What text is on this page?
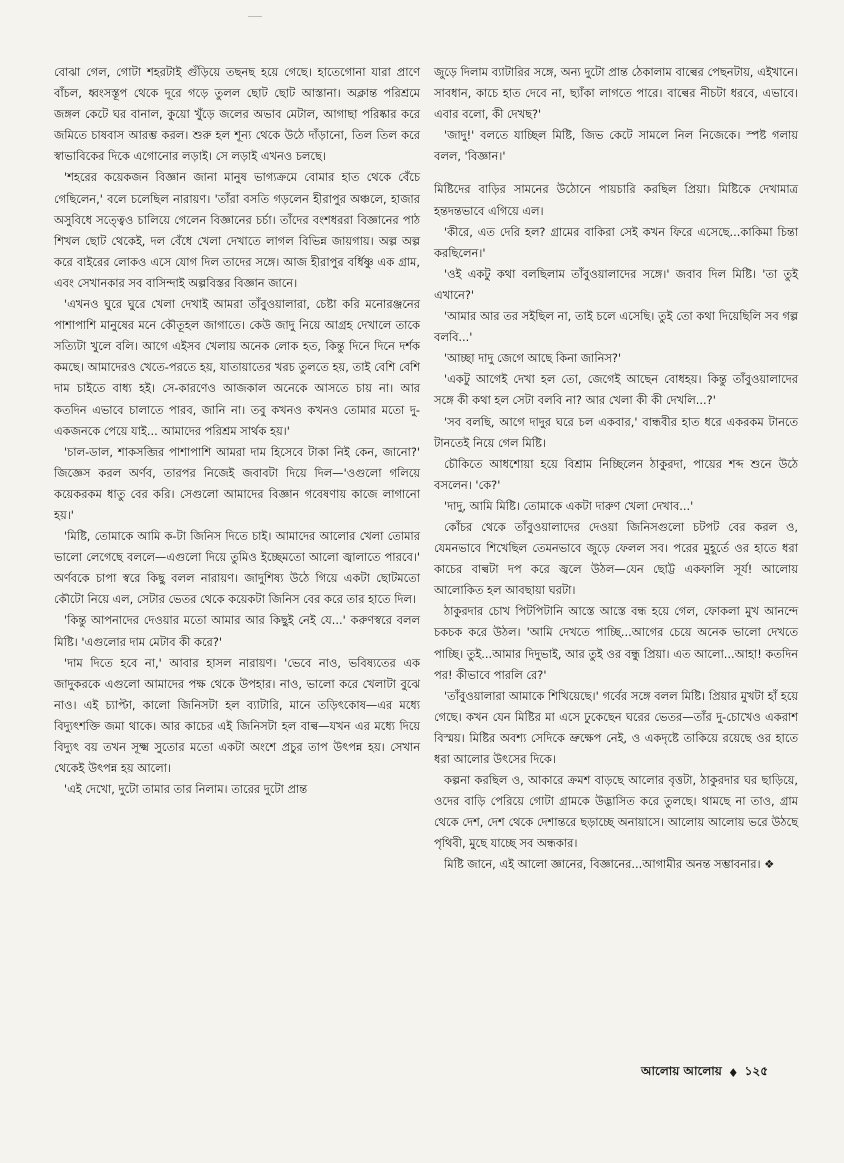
বোঝা গেল, গোটা শহরটাই গুঁড়িয়ে তছনছ হয়ে গেছে। হাতেগোনা যারা প্রাণে বাঁচল, ধ্বংসস্তূপ থেকে দূরে গড়ে তুলল ছোট ছোট আস্তানা। অক্লান্ত পরিশ্রমে জঙ্গল কেটে ঘর বানাল, কুয়ো খুঁড়ে জলের অভাব মেটাল, আগাছা পরিষ্কার করে জমিতে চাষবাস আরম্ভ করল। শুরু হল শূন্য থেকে উঠে দাঁড়ানো, তিল তিল করে স্বাভাবিকের দিকে এগোনোর লড়াই। সে লড়াই এখনও চলছে।

'শহরের কয়েকজন বিজ্ঞান জানা মানুষ ভাগ্যক্রমে বোমার হাত থেকে বেঁচে গেছিলেন,' বলে চলেছিল নারায়ণ। 'তাঁরা বসতি গড়লেন হীরাপুর অঞ্চলে, হাজার অসুবিধে সত্ত্বেও চালিয়ে গেলেন বিজ্ঞানের চর্চা। তাঁদের বংশধররা বিজ্ঞানের পাঠ শিখল ছোট থেকেই, দল বেঁধে খেলা দেখাতে লাগল বিভিন্ন জায়গায়। অল্প অল্প করে বাইরের লোকও এসে যোগ দিল তাদের সঙ্গে। আজ হীরাপুর বর্ধিষ্ণু এক গ্রাম, এবং সেখানকার সব বাসিন্দাই অল্পবিস্তর বিজ্ঞান জানে।

'এখনও ঘুরে ঘুরে খেলা দেখাই আমরা তাঁবুওয়ালারা, চেষ্টা করি মনোরঞ্জনের পাশাপাশি মানুষের মনে কৌতূহল জাগাতে। কেউ জাদু নিয়ে আগ্রহ দেখালে তাকে সত্যিটা খুলে বলি। আগে এইসব খেলায় অনেক লোক হত, কিন্তু দিনে দিনে দর্শক কমছে। আমাদেরও খেতে-পরতে হয়, যাতায়াতের খরচ তুলতে হয়, তাই বেশি বেশি দাম চাইতে বাধ্য হই। সে-কারণেও আজকাল অনেকে আসতে চায় না। আর কতদিন এভাবে চালাতে পারব, জানি না। তবু কখনও কখনও তোমার মতো দু-একজনকে পেয়ে যাই... আমাদের পরিশ্রম সার্থক হয়।'

'চাল-ডাল, শাকসব্জির পাশাপাশি আমরা দাম হিসেবে টাকা নিই কেন, জানো?' জিজ্ঞেস করল অর্ণব, তারপর নিজেই জবাবটা দিয়ে দিল—'ওগুলো গলিয়ে কয়েকরকম ধাতু বের করি। সেগুলো আমাদের বিজ্ঞান গবেষণায় কাজে লাগানো হয়।'

'মিষ্টি, তোমাকে আমি ক-টা জিনিস দিতে চাই। আমাদের আলোর খেলা তোমার ভালো লেগেছে বললে—এগুলো দিয়ে তুমিও ইচ্ছেমতো আলো জ্বালাতে পারবে।' অর্ণবকে চাপা স্বরে কিছু বলল নারায়ণ। জাদুশিষ্য উঠে গিয়ে একটা ছোটমতো কৌটো নিয়ে এল, সেটার ভেতর থেকে কয়েকটা জিনিস বের করে তার হাতে দিল।

'কিন্তু আপনাদের দেওয়ার মতো আমার আর কিছুই নেই যে...' করুণস্বরে বলল মিষ্টি। 'এগুলোর দাম মেটাব কী করে?'

'দাম দিতে হবে না,' আবার হাসল নারায়ণ। 'ভেবে নাও, ভবিষ্যতের এক জাদুকরকে এগুলো আমাদের পক্ষ থেকে উপহার। নাও, ভালো করে খেলাটা বুঝে নাও। এই চ্যাপ্টা, কালো জিনিসটা হল ব্যাটারি, মানে তড়িৎকোষ—এর মধ্যে বিদ্যুৎশক্তি জমা থাকে। আর কাচের এই জিনিসটা হল বাল্ব—যখন এর মধ্যে দিয়ে বিদ্যুৎ বয় তখন সূক্ষ্ম সুতোর মতো একটা অংশে প্রচুর তাপ উৎপন্ন হয়। সেখান থেকেই উৎপন্ন হয় আলো।

'এই দেখো, দুটো তামার তার নিলাম। তারের দুটো প্রান্ত

জুড়ে দিলাম ব্যাটারির সঙ্গে, অন্য দুটো প্রান্ত ঠেকালাম বাল্বের পেছনটায়, এইখানে। সাবধান, কাচে হাত দেবে না, ছ্যাঁকা লাগতে পারে। বাল্বের নীচটা ধরবে, এভাবে। এবার বলো, কী দেখছ?'

'জাদু!' বলতে যাচ্ছিল মিষ্টি, জিভ কেটে সামলে নিল নিজেকে। স্পষ্ট গলায় বলল, 'বিজ্ঞান।'

মিষ্টিদের বাড়ির সামনের উঠোনে পায়চারি করছিল প্রিয়া। মিষ্টিকে দেখামাত্র হন্তদন্তভাবে এগিয়ে এল।

'কীরে, এত দেরি হল? গ্রামের বাকিরা সেই কখন ফিরে এসেছে...কাকিমা চিন্তা করছিলেন।'

'ওই একটু কথা বলছিলাম তাঁবুওয়ালাদের সঙ্গে।' জবাব দিল মিষ্টি। 'তা তুই এখানে?'

'আমার আর তর সইছিল না, তাই চলে এসেছি। তুই তো কথা দিয়েছিলি সব গল্প বলবি...'

'আচ্ছা দাদু জেগে আছে কিনা জানিস?'

'একটু আগেই দেখা হল তো, জেগেই আছেন বোধহয়। কিন্তু তাঁবুওয়ালাদের সঙ্গে কী কথা হল সেটা বলবি না? আর খেলা কী কী দেখলি...?'

'সব বলছি, আগে দাদুর ঘরে চল একবার,' বান্ধবীর হাত ধরে একরকম টানতে টানতেই নিয়ে গেল মিষ্টি।

চৌকিতে আধশোয়া হয়ে বিশ্রাম নিচ্ছিলেন ঠাকুরদা, পায়ের শব্দ শুনে উঠে বসলেন। 'কে?'

'দাদু, আমি মিষ্টি। তোমাকে একটা দারুণ খেলা দেখাব...'

কোঁচর থেকে তাঁবুওয়ালাদের দেওয়া জিনিসগুলো চটপট বের করল ও, যেমনভাবে শিখেছিল তেমনভাবে জুড়ে ফেলল সব। পরের মুহূর্তে ওর হাতে ধরা কাচের বাল্বটা দপ করে জ্বলে উঠল—যেন ছোট্ট একফালি সূর্য! আলোয় আলোকিত হল আবছায়া ঘরটা।

ঠাকুরদার চোখ পিটপিটানি আস্তে আস্তে বন্ধ হয়ে গেল, ফোকলা মুখ আনন্দে চকচক করে উঠল। 'আমি দেখতে পাচ্ছি...আগের চেয়ে অনেক ভালো দেখতে পাচ্ছি। তুই...আমার দিদুভাই, আর তুই ওর বন্ধু প্রিয়া। এত আলো...আহা! কতদিন পর! কীভাবে পারলি রে?'

'তাঁবুওয়ালারা আমাকে শিখিয়েছে।' গর্বের সঙ্গে বলল মিষ্টি। প্রিয়ার মুখটা হাঁ হয়ে গেছে। কখন যেন মিষ্টির মা এসে ঢুকেছেন ঘরের ভেতর—তাঁর দু-চোখেও একরাশ বিস্ময়। মিষ্টির অবশ্য সেদিকে ভ্রুক্ষেপ নেই, ও একদৃষ্টে তাকিয়ে রয়েছে ওর হাতে ধরা আলোর উৎসের দিকে।

কল্পনা করছিল ও, আকারে ক্রমশ বাড়ছে আলোর বৃত্তটা, ঠাকুরদার ঘর ছাড়িয়ে, ওদের বাড়ি পেরিয়ে গোটা গ্রামকে উদ্ভাসিত করে তুলছে। থামছে না তাও, গ্রাম থেকে দেশ, দেশ থেকে দেশান্তরে ছড়াচ্ছে অনায়াসে। আলোয় আলোয় ভরে উঠছে পৃথিবী, মুছে যাচ্ছে সব অন্ধকার।

মিষ্টি জানে, এই আলো জ্ঞানের, বিজ্ঞানের...আগামীর অনন্ত সম্ভাবনার। ❖

আলোয় আলোয় ♦ ১২৫
